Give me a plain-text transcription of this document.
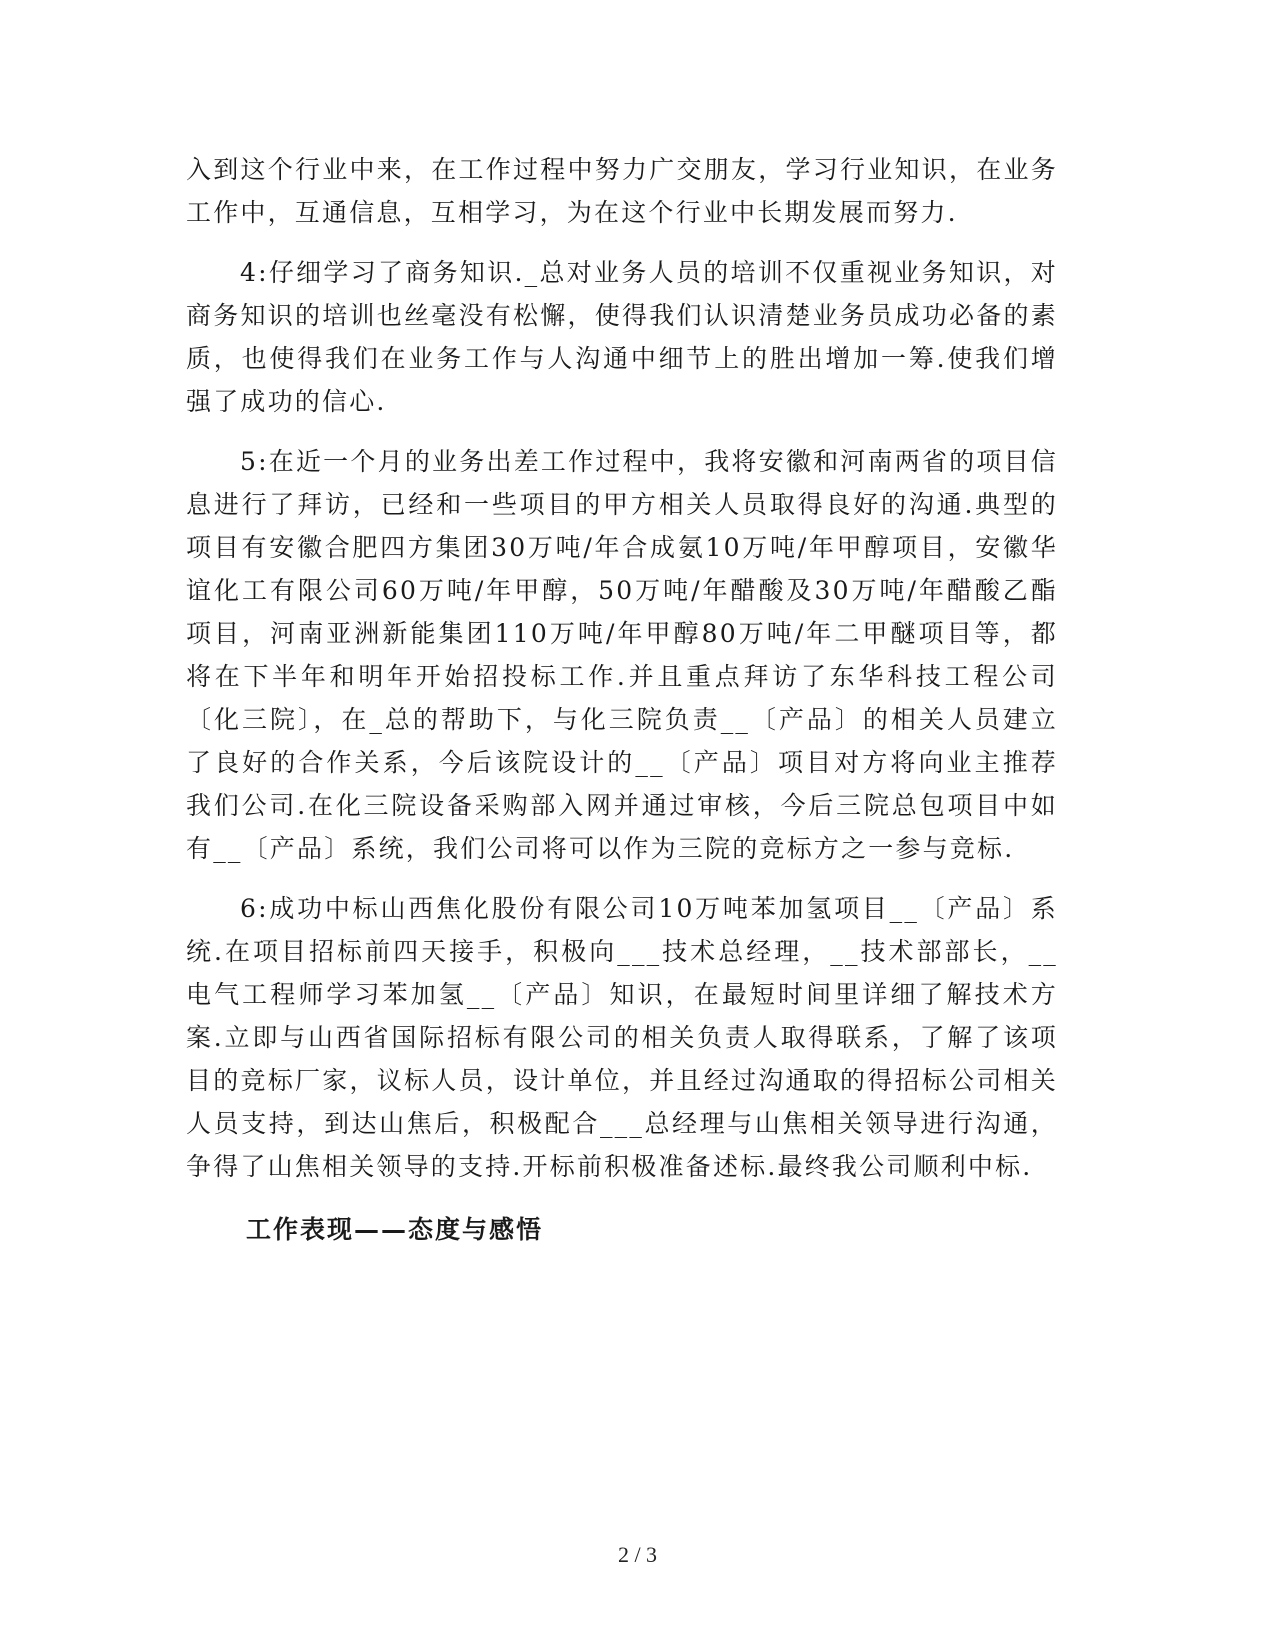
入到这个行业中来，在工作过程中努力广交朋友，学习行业知识，在业务工作中，互通信息，互相学习，为在这个行业中长期发展而努力.

4:仔细学习了商务知识._总对业务人员的培训不仅重视业务知识，对商务知识的培训也丝毫没有松懈，使得我们认识清楚业务员成功必备的素质，也使得我们在业务工作与人沟通中细节上的胜出增加一筹.使我们增强了成功的信心.

5:在近一个月的业务出差工作过程中，我将安徽和河南两省的项目信息进行了拜访，已经和一些项目的甲方相关人员取得良好的沟通.典型的项目有安徽合肥四方集团30万吨/年合成氨10万吨/年甲醇项目，安徽华谊化工有限公司60万吨/年甲醇，50万吨/年醋酸及30万吨/年醋酸乙酯项目，河南亚洲新能集团110万吨/年甲醇80万吨/年二甲醚项目等，都将在下半年和明年开始招投标工作.并且重点拜访了东华科技工程公司〔化三院〕，在_总的帮助下，与化三院负责__〔产品〕的相关人员建立了良好的合作关系，今后该院设计的__〔产品〕项目对方将向业主推荐我们公司.在化三院设备采购部入网并通过审核，今后三院总包项目中如有__〔产品〕系统，我们公司将可以作为三院的竞标方之一参与竞标.

6:成功中标山西焦化股份有限公司10万吨苯加氢项目__〔产品〕系统.在项目招标前四天接手，积极向___技术总经理，__技术部部长，__电气工程师学习苯加氢__〔产品〕知识，在最短时间里详细了解技术方案.立即与山西省国际招标有限公司的相关负责人取得联系，了解了该项目的竞标厂家，议标人员，设计单位，并且经过沟通取的得招标公司相关人员支持，到达山焦后，积极配合___总经理与山焦相关领导进行沟通，争得了山焦相关领导的支持.开标前积极准备述标.最终我公司顺利中标.

工作表现——态度与感悟
2 / 3
